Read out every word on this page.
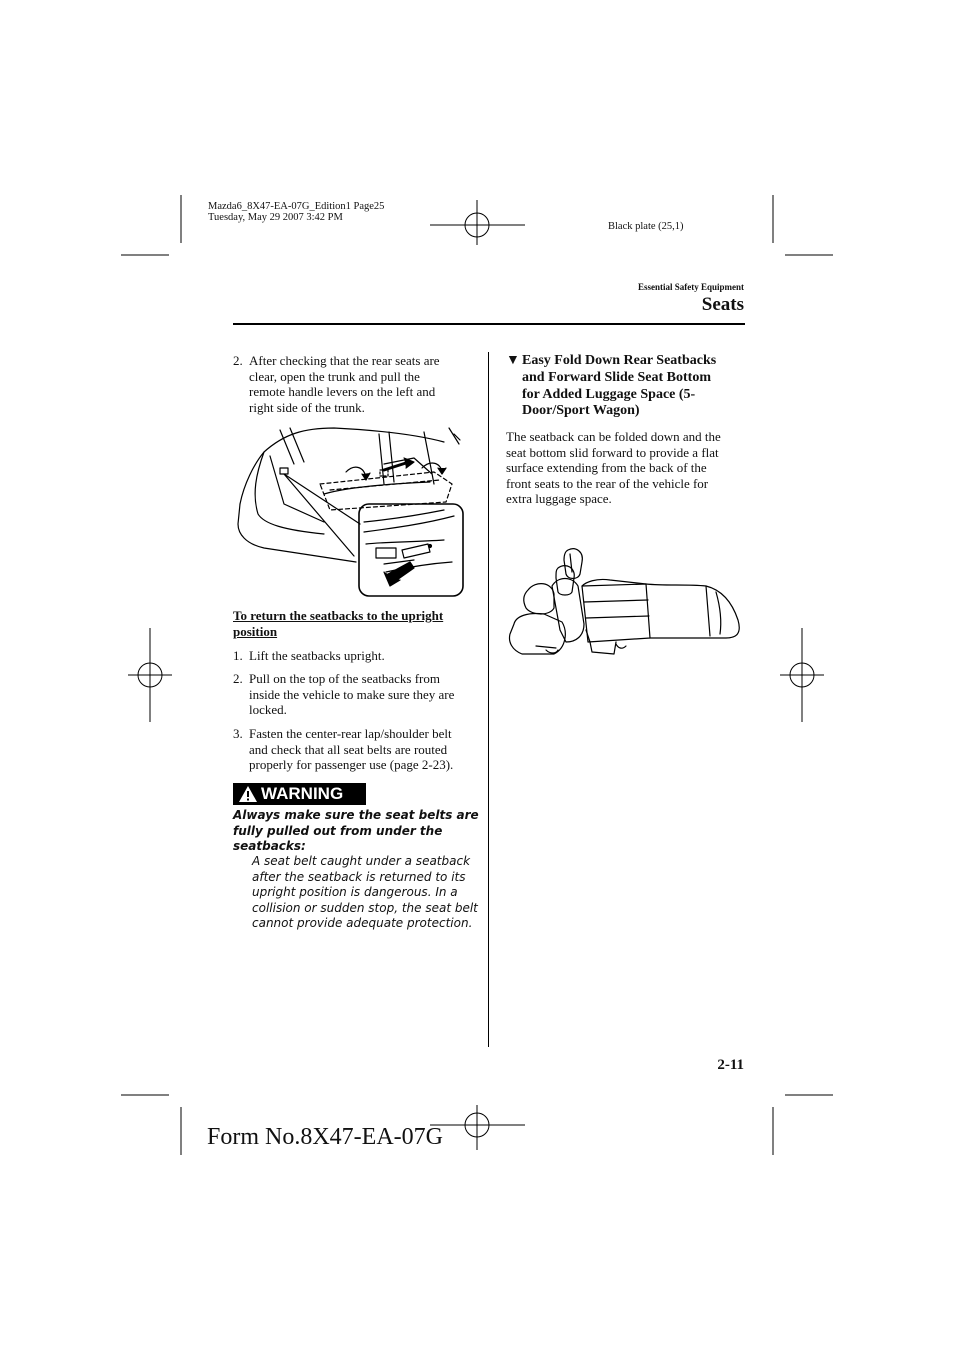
Mazda6_8X47-EA-07G_Edition1 Page25
Tuesday, May 29 2007 3:42 PM
Black plate (25,1)
Essential Safety Equipment
Seats
2. After checking that the rear seats are
clear, open the trunk and pull the
remote handle levers on the left and
right side of the trunk.
To return the seatbacks to the upright
position
1. Lift the seatbacks upright.
2. Pull on the top of the seatbacks from
inside the vehicle to make sure they are
locked.
3. Fasten the center-rear lap/shoulder belt
and check that all seat belts are routed
properly for passenger use (page 2-23).
WARNING
Always make sure the seat belts are
fully pulled out from under the
seatbacks:
A seat belt caught under a seatback
after the seatback is returned to its
upright position is dangerous. In a
collision or sudden stop, the seat belt
cannot provide adequate protection.
▼ Easy Fold Down Rear Seatbacks
and Forward Slide Seat Bottom
for Added Luggage Space (5-
Door/Sport Wagon)
The seatback can be folded down and the
seat bottom slid forward to provide a flat
surface extending from the back of the
front seats to the rear of the vehicle for
extra luggage space.
2-11
Form No.8X47-EA-07G
